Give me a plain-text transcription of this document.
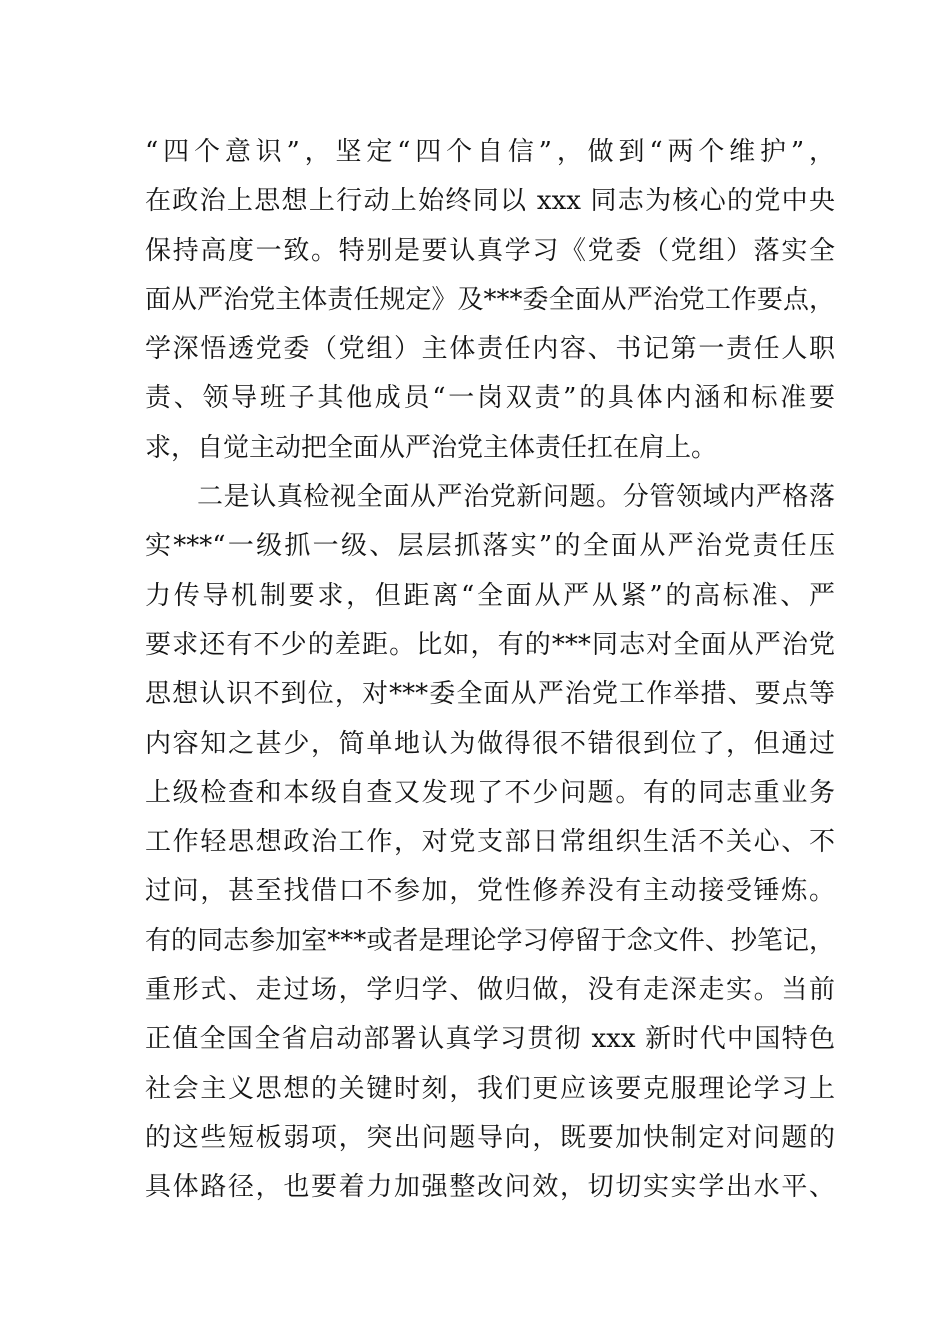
“四个意识”，坚定“四个自信”，做到“两个维护”，
在政治上思想上行动上始终同以 xxx 同志为核心的党中央
保持高度一致。特别是要认真学习《党委（党组）落实全
面从严治党主体责任规定》及***委全面从严治党工作要点，
学深悟透党委（党组）主体责任内容、书记第一责任人职
责、领导班子其他成员“一岗双责”的具体内涵和标准要
求，自觉主动把全面从严治党主体责任扛在肩上。
二是认真检视全面从严治党新问题。分管领域内严格落
实***“一级抓一级、层层抓落实”的全面从严治党责任压
力传导机制要求，但距离“全面从严从紧”的高标准、严
要求还有不少的差距。比如，有的***同志对全面从严治党
思想认识不到位，对***委全面从严治党工作举措、要点等
内容知之甚少，简单地认为做得很不错很到位了，但通过
上级检查和本级自查又发现了不少问题。有的同志重业务
工作轻思想政治工作，对党支部日常组织生活不关心、不
过问，甚至找借口不参加，党性修养没有主动接受锤炼。
有的同志参加室***或者是理论学习停留于念文件、抄笔记，
重形式、走过场，学归学、做归做，没有走深走实。当前
正值全国全省启动部署认真学习贯彻 xxx 新时代中国特色
社会主义思想的关键时刻，我们更应该要克服理论学习上
的这些短板弱项，突出问题导向，既要加快制定对问题的
具体路径，也要着力加强整改问效，切切实实学出水平、
